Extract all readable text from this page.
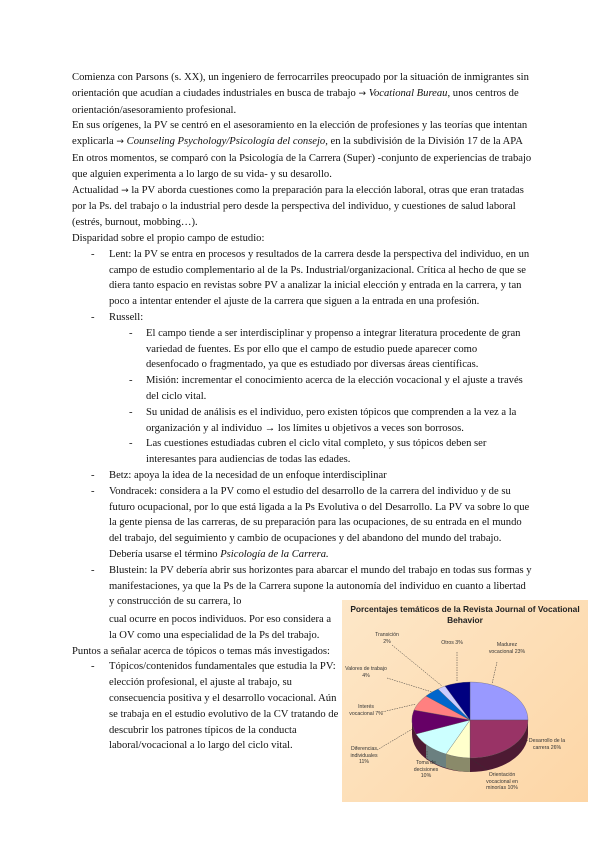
Comienza con Parsons (s. XX), un ingeniero de ferrocarriles preocupado por la situación de inmigrantes sin orientación que acudían a ciudades industriales en busca de trabajo → Vocational Bureau, unos centros de orientación/asesoramiento profesional.

En sus orígenes, la PV se centró en el asesoramiento en la elección de profesiones y las teorías que intentan explicarla → Counseling Psychology/Psicología del consejo, en la subdivisión de la División 17 de la APA

En otros momentos, se comparó con la Psicología de la Carrera (Super) -conjunto de experiencias de trabajo que alguien experimenta a lo largo de su vida- y su desarollo.

Actualidad → la PV aborda cuestiones como la preparación para la elección laboral, otras que eran tratadas por la Ps. del trabajo o la industrial pero desde la perspectiva del individuo, y cuestiones de salud laboral (estrés, burnout, mobbing…).

Disparidad sobre el propio campo de estudio:

- Lent: la PV se entra en procesos y resultados de la carrera desde la perspectiva del individuo, en un campo de estudio complementario al de la Ps. Industrial/organizacional. Crítica al hecho de que se diera tanto espacio en revistas sobre PV a analizar la inicial elección y entrada en la carrera, y tan poco a intentar entender el ajuste de la carrera que siguen a la entrada en una profesión.
- Russell:
- El campo tiende a ser interdisciplinar y propenso a integrar literatura procedente de gran variedad de fuentes. Es por ello que el campo de estudio puede aparecer como desenfocado o fragmentado, ya que es estudiado por diversas áreas científicas.
- Misión: incrementar el conocimiento acerca de la elección vocacional y el ajuste a través del ciclo vital.
- Su unidad de análisis es el individuo, pero existen tópicos que comprenden a la vez a la organización y al individuo → los límites u objetivos a veces son borrosos.
- Las cuestiones estudiadas cubren el ciclo vital completo, y sus tópicos deben ser interesantes para audiencias de todas las edades.
- Betz: apoya la idea de la necesidad de un enfoque interdisciplinar
- Vondracek: considera a la PV como el estudio del desarrollo de la carrera del individuo y de su futuro ocupacional, por lo que está ligada a la Ps Evolutiva o del Desarrollo. La PV va sobre lo que la gente piensa de las carreras, de su preparación para las ocupaciones, de su entrada en el mundo del trabajo, del seguimiento y cambio de ocupaciones y del abandono del mundo del trabajo. Debería usarse el término Psicología de la Carrera.
- Blustein: la PV debería abrir sus horizontes para abarcar el mundo del trabajo en todas sus formas y manifestaciones, ya que la Ps de la Carrera supone la autonomía del individuo en cuanto a libertad y construcción de su carrera, lo
cual ocurre en pocos individuos. Por eso considera a la OV como una especialidad de la Ps del trabajo.

Puntos a señalar acerca de tópicos o temas más investigados:

- Tópicos/contenidos fundamentales que estudia la PV: elección profesional, el ajuste al trabajo, su consecuencia positiva y el desarrollo vocacional. Aún se trabaja en el estudio evolutivo de la CV tratando de descubrir los patrones típicos de la conducta laboral/vocacional a lo largo del ciclo vital.
Porcentajes temáticos de la Revista Journal of Vocational Behavior
Transición 2%	Otros 3%	Madurez vocacional 23%
Valores de trabajo 4%
Interés vocacional 7%
Desarrollo de la carrera 26%
Diferencias individuales 11%	Toma de decisiones 10%	Orientación vocacional en minorías 10%
